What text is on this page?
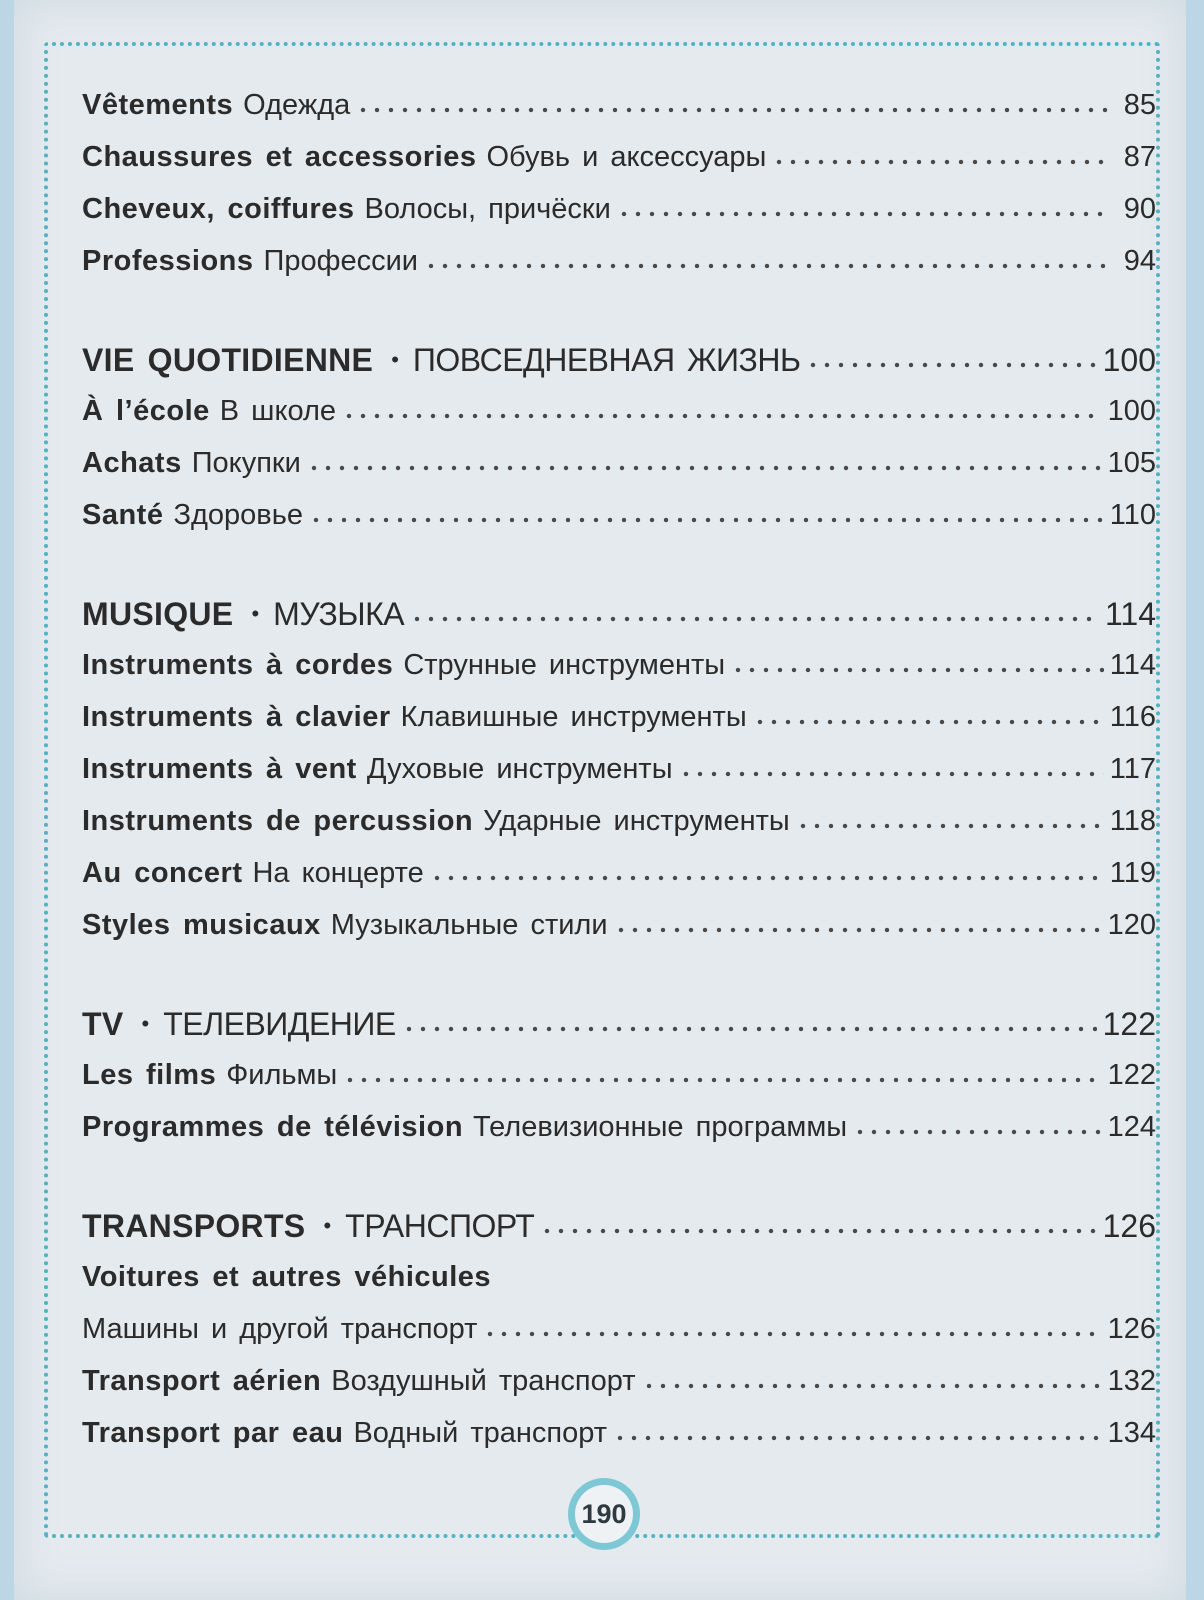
Vêtements Одежда	85
Chaussures et accessories Обувь и аксессуары	87
Cheveux, coiffures Волосы, причёски	90
Professions Профессии	94
VIE QUOTIDIENNE • ПОВСЕДНЕВНАЯ ЖИЗНЬ	100
À l’école В школе	100
Achats Покупки	105
Santé Здоровье	110
MUSIQUE • МУЗЫКА	114
Instruments à cordes Струнные инструменты	114
Instruments à clavier Клавишные инструменты	116
Instruments à vent Духовые инструменты	117
Instruments de percussion Ударные инструменты	118
Au concert На концерте	119
Styles musicaux Музыкальные стили	120
TV • ТЕЛЕВИДЕНИЕ	122
Les films Фильмы	122
Programmes de télévision Телевизионные программы	124
TRANSPORTS • ТРАНСПОРТ	126
Voitures et autres véhicules
Машины и другой транспорт	126
Transport aérien Воздушный транспорт	132
Transport par eau Водный транспорт	134
190
